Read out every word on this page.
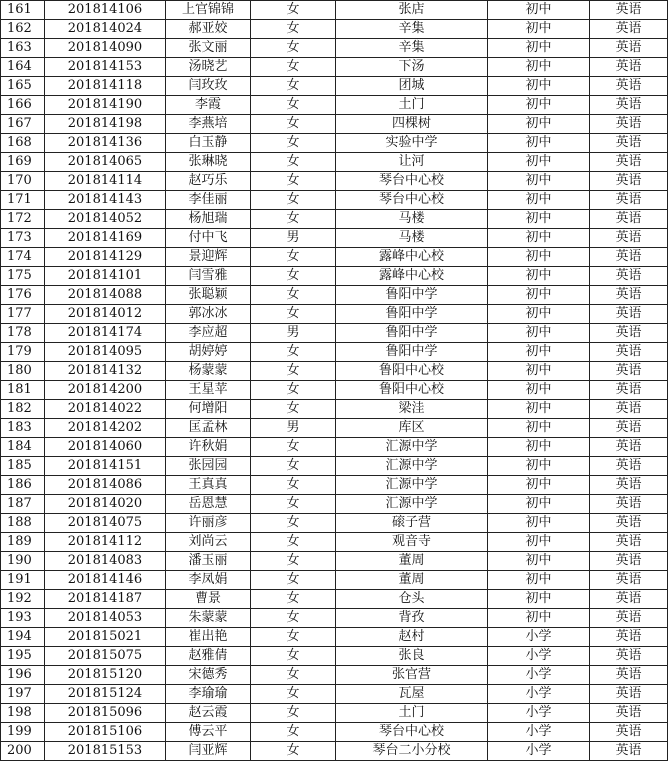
161	201814106	上官锦锦	女	张店	初中	英语
162	201814024	郝亚姣	女	辛集	初中	英语
163	201814090	张文丽	女	辛集	初中	英语
164	201814153	汤晓艺	女	下汤	初中	英语
165	201814118	闫玫玫	女	团城	初中	英语
166	201814190	李霞	女	土门	初中	英语
167	201814198	李燕培	女	四棵树	初中	英语
168	201814136	白玉静	女	实验中学	初中	英语
169	201814065	张琳晓	女	让河	初中	英语
170	201814114	赵巧乐	女	琴台中心校	初中	英语
171	201814143	李佳丽	女	琴台中心校	初中	英语
172	201814052	杨旭瑞	女	马楼	初中	英语
173	201814169	付中飞	男	马楼	初中	英语
174	201814129	景迎辉	女	露峰中心校	初中	英语
175	201814101	闫雪雅	女	露峰中心校	初中	英语
176	201814088	张聪颖	女	鲁阳中学	初中	英语
177	201814012	郭冰冰	女	鲁阳中学	初中	英语
178	201814174	李应超	男	鲁阳中学	初中	英语
179	201814095	胡婷婷	女	鲁阳中学	初中	英语
180	201814132	杨蒙蒙	女	鲁阳中心校	初中	英语
181	201814200	王星苹	女	鲁阳中心校	初中	英语
182	201814022	何增阳	女	梁洼	初中	英语
183	201814202	匡孟林	男	库区	初中	英语
184	201814060	许秋娟	女	汇源中学	初中	英语
185	201814151	张园园	女	汇源中学	初中	英语
186	201814086	王真真	女	汇源中学	初中	英语
187	201814020	岳恩慧	女	汇源中学	初中	英语
188	201814075	许丽彦	女	磙子营	初中	英语
189	201814112	刘尚云	女	观音寺	初中	英语
190	201814083	潘玉丽	女	董周	初中	英语
191	201814146	李凤娟	女	董周	初中	英语
192	201814187	曹景	女	仓头	初中	英语
193	201814053	朱蒙蒙	女	背孜	初中	英语
194	201815021	崔出艳	女	赵村	小学	英语
195	201815075	赵雅倩	女	张良	小学	英语
196	201815120	宋德秀	女	张官营	小学	英语
197	201815124	李瑜瑜	女	瓦屋	小学	英语
198	201815096	赵云霞	女	土门	小学	英语
199	201815106	傅云平	女	琴台中心校	小学	英语
200	201815153	闫亚辉	女	琴台二小分校	小学	英语
